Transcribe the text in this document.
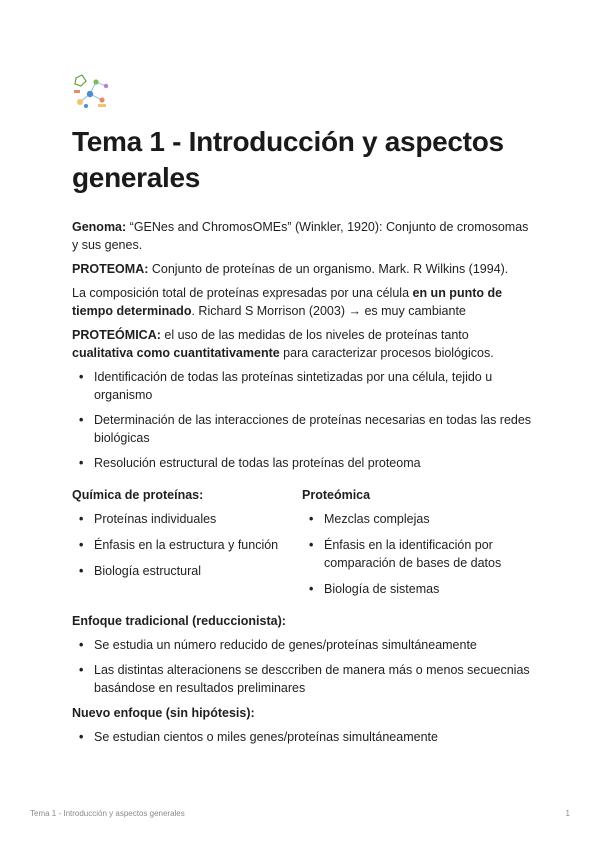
Tema 1 - Introducción y aspectos generales

Genoma: “GENes and ChromosOMEs” (Winkler, 1920): Conjunto de cromosomas y sus genes.

PROTEOMA: Conjunto de proteínas de un organismo. Mark. R Wilkins (1994).

La composición total de proteínas expresadas por una célula en un punto de tiempo determinado. Richard S Morrison (2003) → es muy cambiante

PROTEÓMICA: el uso de las medidas de los niveles de proteínas tanto cualitativa como cuantitativamente para caracterizar procesos biológicos.

• Identificación de todas las proteínas sintetizadas por una célula, tejido u organismo
• Determinación de las interacciones de proteínas necesarias en todas las redes biológicas
• Resolución estructural de todas las proteínas del proteoma
Química de proteínas:
• Proteínas individuales
• Énfasis en la estructura y función
• Biología estructural
Proteómica
• Mezclas complejas
• Énfasis en la identificación por comparación de bases de datos
• Biología de sistemas
Enfoque tradicional (reduccionista):
• Se estudia un número reducido de genes/proteínas simultáneamente
• Las distintas alteracionens se desccriben de manera más o menos secuecnias basándose en resultados preliminares
Nuevo enfoque (sin hipótesis):
• Se estudian cientos o miles genes/proteínas simultáneamente
Tema 1 - Introducción y aspectos generales	1
